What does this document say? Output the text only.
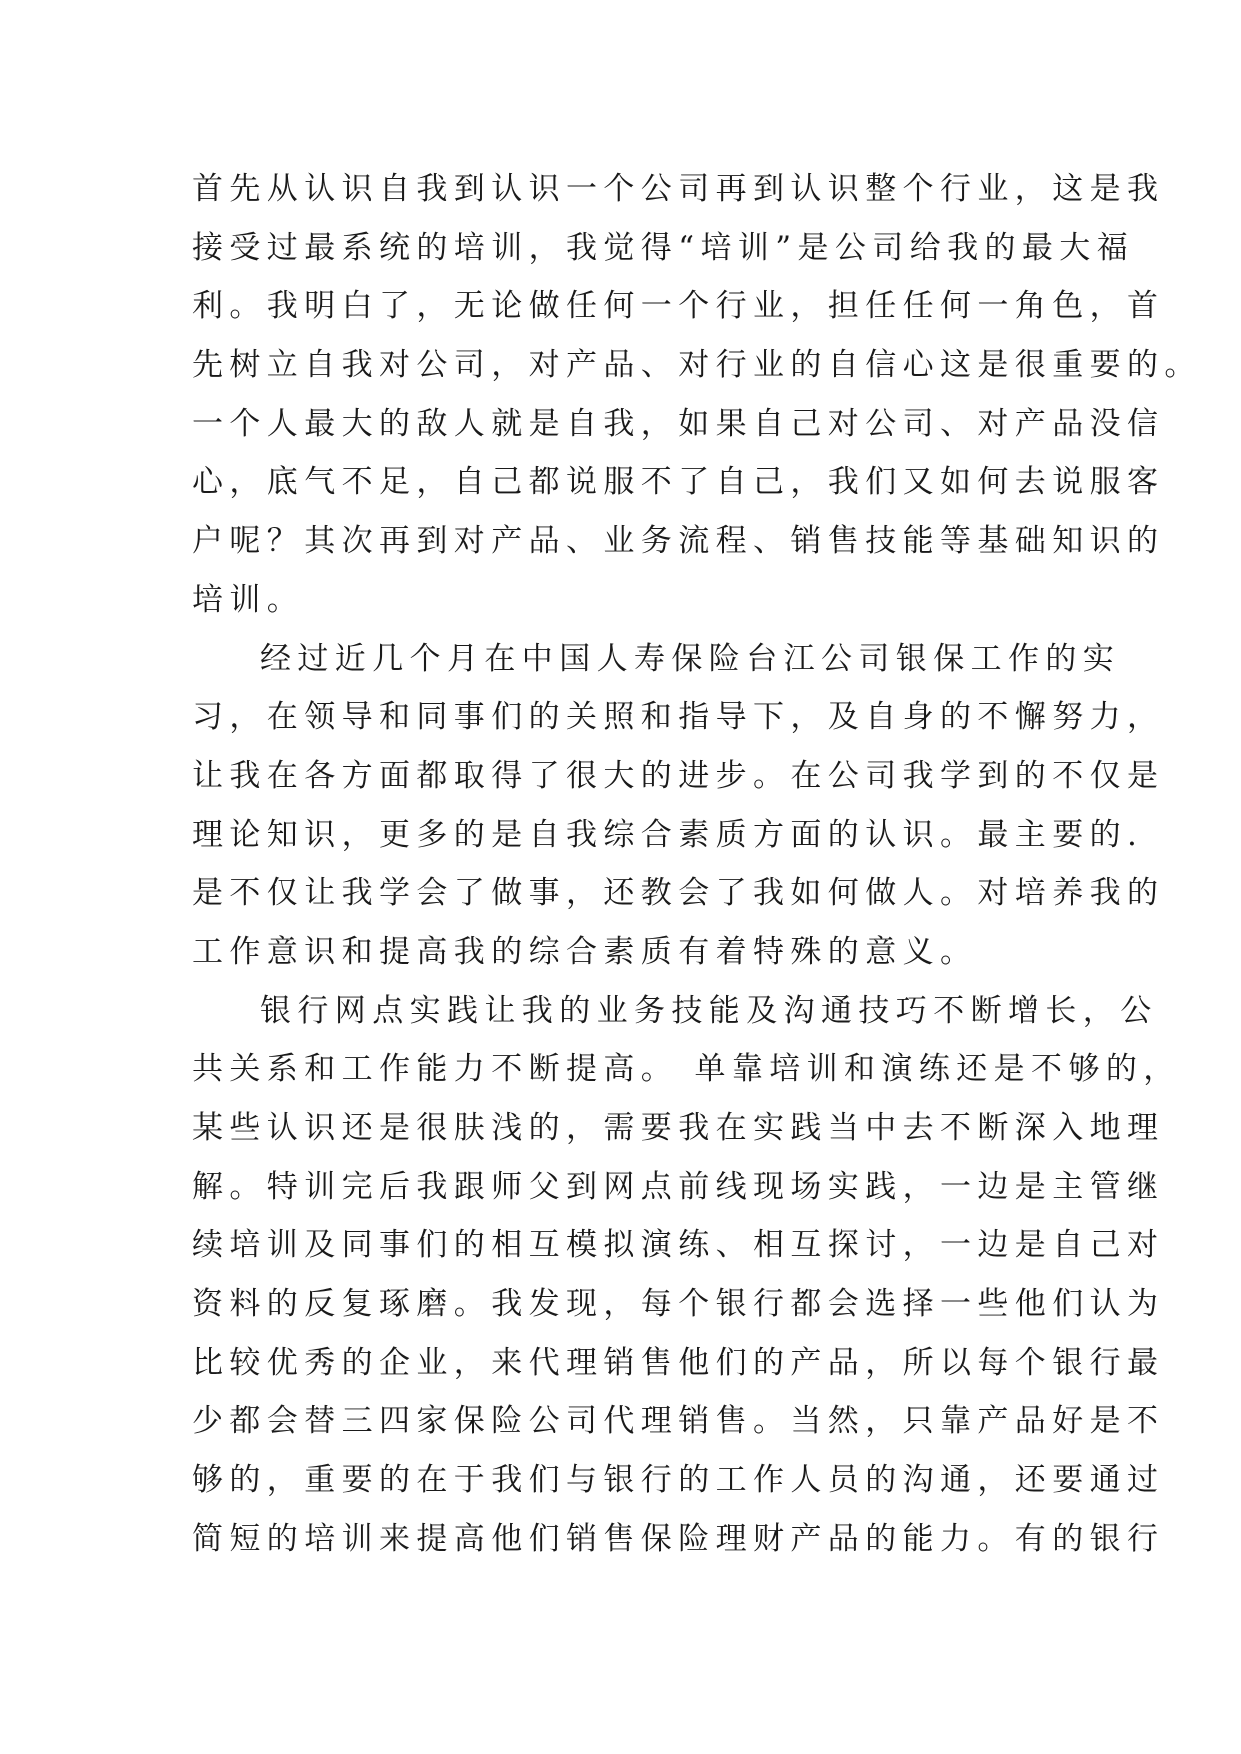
首先从认识自我到认识一个公司再到认识整个行业，这是我
接受过最系统的培训，我觉得“培训”是公司给我的最大福
利。我明白了，无论做任何一个行业，担任任何一角色，首
先树立自我对公司，对产品、对行业的自信心这是很重要的。
一个人最大的敌人就是自我，如果自己对公司、对产品没信
心，底气不足，自己都说服不了自己，我们又如何去说服客
户呢？其次再到对产品、业务流程、销售技能等基础知识的
培训。
经过近几个月在中国人寿保险台江公司银保工作的实
习，在领导和同事们的关照和指导下，及自身的不懈努力，
让我在各方面都取得了很大的进步。在公司我学到的不仅是
理论知识，更多的是自我综合素质方面的认识。最主要的.
是不仅让我学会了做事，还教会了我如何做人。对培养我的
工作意识和提高我的综合素质有着特殊的意义。
银行网点实践让我的业务技能及沟通技巧不断增长，公
共关系和工作能力不断提高。 单靠培训和演练还是不够的，
某些认识还是很肤浅的，需要我在实践当中去不断深入地理
解。特训完后我跟师父到网点前线现场实践，一边是主管继
续培训及同事们的相互模拟演练、相互探讨，一边是自己对
资料的反复琢磨。我发现，每个银行都会选择一些他们认为
比较优秀的企业，来代理销售他们的产品，所以每个银行最
少都会替三四家保险公司代理销售。当然，只靠产品好是不
够的，重要的在于我们与银行的工作人员的沟通，还要通过
简短的培训来提高他们销售保险理财产品的能力。有的银行
